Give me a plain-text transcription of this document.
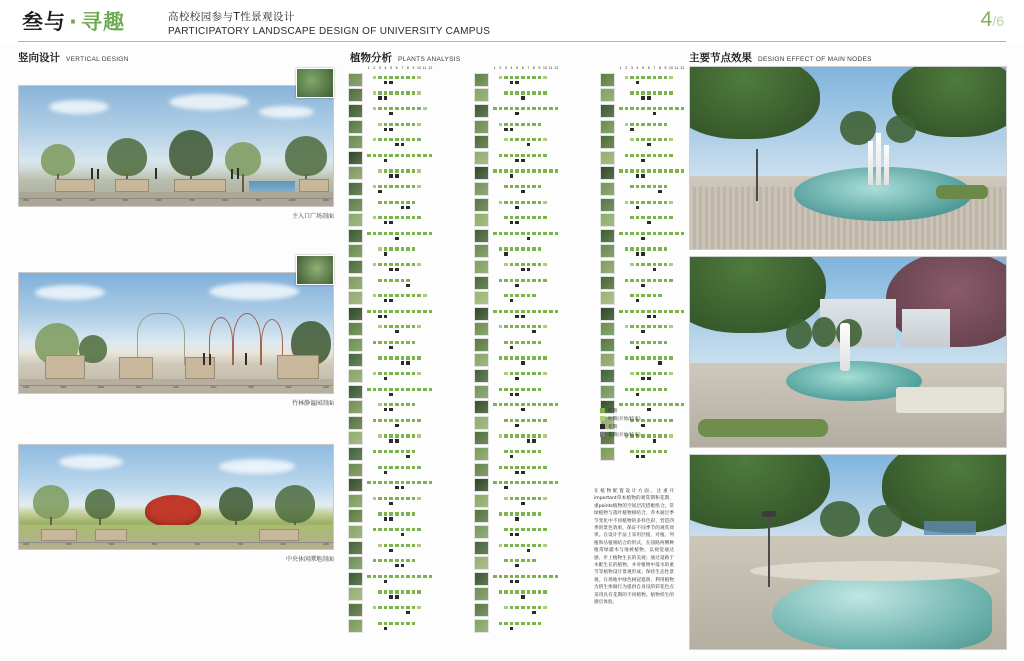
叁与 · 寻趣	高校校园参与T性景观设计
PARTICIPATORY LANDSCAPE DESIGN OF UNIVERSITY CAMPUS
4/6
竖向设计 VERTICAL DESIGN	植物分析 PLANTS ANALYSIS	主要节点效果 DESIGN EFFECT OF MAIN NODES
3500	6800	4200	9000	5400	7600	3000	4500	12000	3800
主入口广场剖面
2400	5600	8000	4600	6200	3400	7800	5000	2600
竹林静谧园剖面
4000	6400	5200	8800	3600	7000	4400	9200
中央休闲潭地剖面
1	2	3	4	5	6	7	8	9 10 11 12	1	2	3	4	5	6	7	8	9 10 11 12	1	2	3	4	5	6	7	8	9 10 11 12
叶期
叶期(开始/结束)
花期
花期(开始/结束)
在植物配置设计方面，注重开important草本植物的观赏期和花期，重points植物的空间层次搭配组合。常绿植物与落叶植物相结合，乔木通过季节变化中不同植物的多样色彩、营造四季的景色效果，保证不同季节的观赏效果。在设计手法上采用层植、对植、列植和丛植相结合的形式，在园路两侧种植常绿灌木与地被植物，以视觉通达感、步上植物生长的美观；通过道路于木配生长的植物，并对植物中落水的重节等植物设计景观形成；保持生态性景观。在场地中绿色树冠遮荫，利用植物为阴生体做行为提供自身设的彩花色点采用具有花期的不同植物。植物样生的感官体验。
